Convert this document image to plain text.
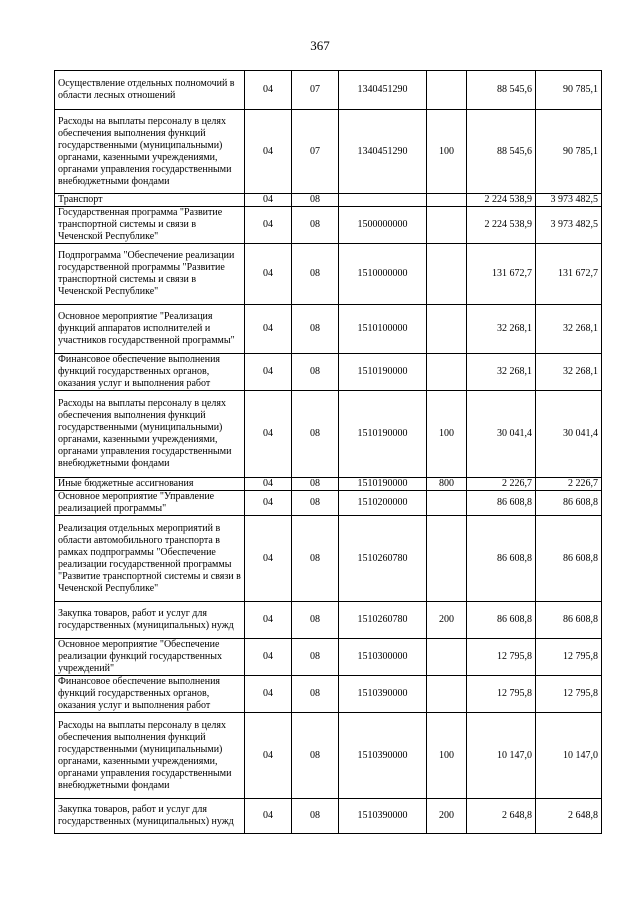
367
Осуществление отдельных полномочий в области лесных отношений	04	07	1340451290		88 545,6	90 785,1
Расходы на выплаты персоналу в целях обеспечения выполнения функций государственными (муниципальными) органами, казенными учреждениями, органами управления государственными внебюджетными фондами	04	07	1340451290	100	88 545,6	90 785,1
Транспорт	04	08			2 224 538,9	3 973 482,5
Государственная программа "Развитие транспортной системы и связи в Чеченской Республике"	04	08	1500000000		2 224 538,9	3 973 482,5
Подпрограмма "Обеспечение реализации государственной программы "Развитие транспортной системы и связи в Чеченской Республике"	04	08	1510000000		131 672,7	131 672,7
Основное мероприятие "Реализация функций аппаратов исполнителей и участников государственной программы"	04	08	1510100000		32 268,1	32 268,1
Финансовое обеспечение выполнения функций государственных органов, оказания услуг и выполнения работ	04	08	1510190000		32 268,1	32 268,1
Расходы на выплаты персоналу в целях обеспечения выполнения функций государственными (муниципальными) органами, казенными учреждениями, органами управления государственными внебюджетными фондами	04	08	1510190000	100	30 041,4	30 041,4
Иные бюджетные ассигнования	04	08	1510190000	800	2 226,7	2 226,7
Основное мероприятие "Управление реализацией программы"	04	08	1510200000		86 608,8	86 608,8
Реализация отдельных мероприятий в области автомобильного транспорта в рамках подпрограммы "Обеспечение реализации государственной программы "Развитие транспортной системы и связи в Чеченской Республике"	04	08	1510260780		86 608,8	86 608,8
Закупка товаров, работ и услуг для государственных (муниципальных) нужд	04	08	1510260780	200	86 608,8	86 608,8
Основное мероприятие "Обеспечение реализации функций государственных учреждений"	04	08	1510300000		12 795,8	12 795,8
Финансовое обеспечение выполнения функций государственных органов, оказания услуг и выполнения работ	04	08	1510390000		12 795,8	12 795,8
Расходы на выплаты персоналу в целях обеспечения выполнения функций государственными (муниципальными) органами, казенными учреждениями, органами управления государственными внебюджетными фондами	04	08	1510390000	100	10 147,0	10 147,0
Закупка товаров, работ и услуг для государственных (муниципальных) нужд	04	08	1510390000	200	2 648,8	2 648,8
